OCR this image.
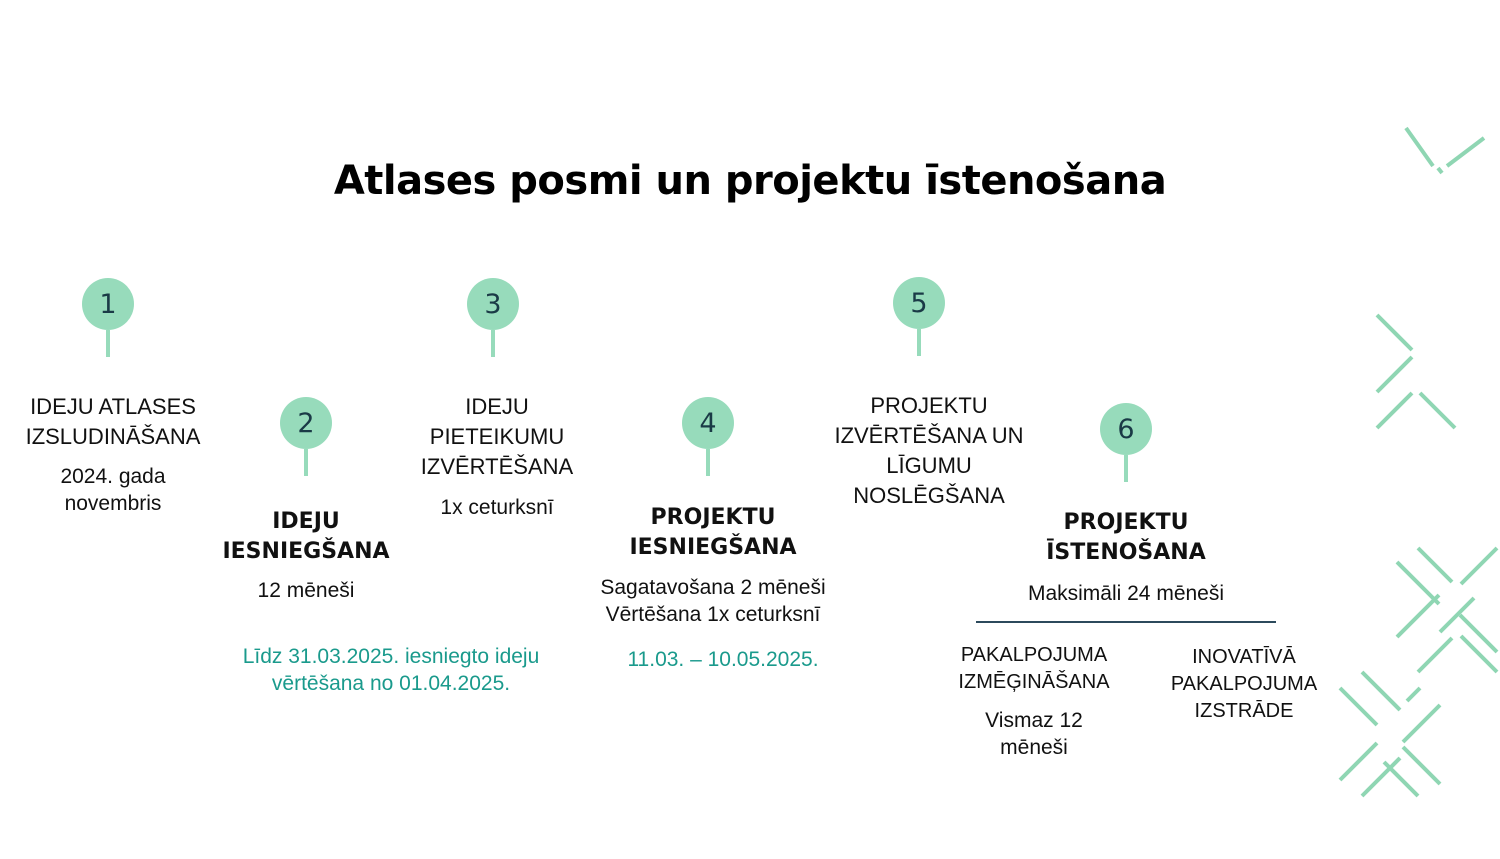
Atlases posmi un projektu īstenošana
1
IDEJU ATLASES IZSLUDINĀŠANA
2024. gada novembris
2
IDEJU IESNIEGŠANA
12 mēneši
Līdz 31.03.2025. iesniegto ideju vērtēšana no 01.04.2025.
3
IDEJU PIETEIKUMU IZVĒRTĒŠANA
1x ceturksnī
4
PROJEKTU IESNIEGŠANA
Sagatavošana 2 mēneši
Vērtēšana 1x ceturksnī
11.03. – 10.05.2025.
5
PROJEKTU IZVĒRTĒŠANA UN LĪGUMU NOSLĒGŠANA
6
PROJEKTU ĪSTENOŠANA
Maksimāli 24 mēneši
PAKALPOJUMA IZMĒĢINĀŠANA
Vismaz 12 mēneši
INOVATĪVĀ PAKALPOJUMA IZSTRĀDE
